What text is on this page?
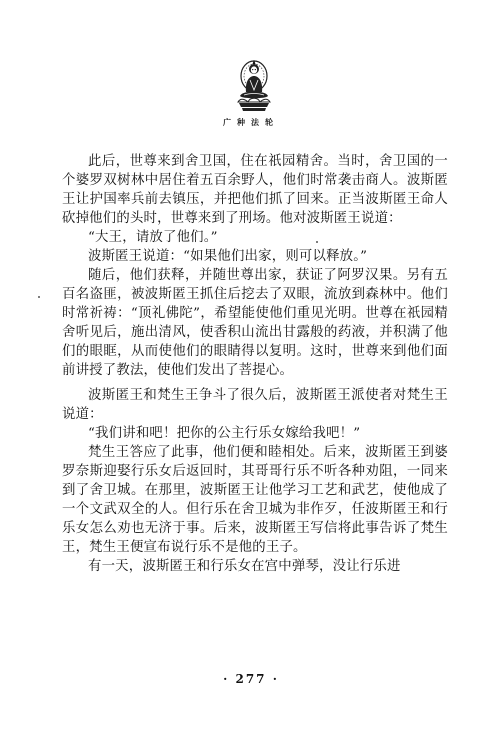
广种法轮

此后，世尊来到舍卫国，住在祇园精舍。当时，舍卫国的一个婆罗双树林中居住着五百余野人，他们时常袭击商人。波斯匿王让护国率兵前去镇压，并把他们抓了回来。正当波斯匿王命人砍掉他们的头时，世尊来到了刑场。他对波斯匿王说道：

“大王，请放了他们。”

波斯匿王说道：“如果他们出家，则可以释放。”

随后，他们获释，并随世尊出家，获证了阿罗汉果。另有五百名盗匪，被波斯匿王抓住后挖去了双眼，流放到森林中。他们时常祈祷：“顶礼佛陀”，希望能使他们重见光明。世尊在祇园精舍听见后，施出清风，使香积山流出甘露般的药液，并积满了他们的眼眶，从而使他们的眼睛得以复明。这时，世尊来到他们面前讲授了教法，使他们发出了菩提心。

波斯匿王和梵生王争斗了很久后，波斯匿王派使者对梵生王说道：

“我们讲和吧！把你的公主行乐女嫁给我吧！”

梵生王答应了此事，他们便和睦相处。后来，波斯匿王到婆罗奈斯迎娶行乐女后返回时，其哥哥行乐不听各种劝阻，一同来到了舍卫城。在那里，波斯匿王让他学习工艺和武艺，使他成了一个文武双全的人。但行乐在舍卫城为非作歹，任波斯匿王和行乐女怎么劝也无济于事。后来，波斯匿王写信将此事告诉了梵生王，梵生王便宣布说行乐不是他的王子。

有一天，波斯匿王和行乐女在宫中弹琴，没让行乐进

· 277 ·
